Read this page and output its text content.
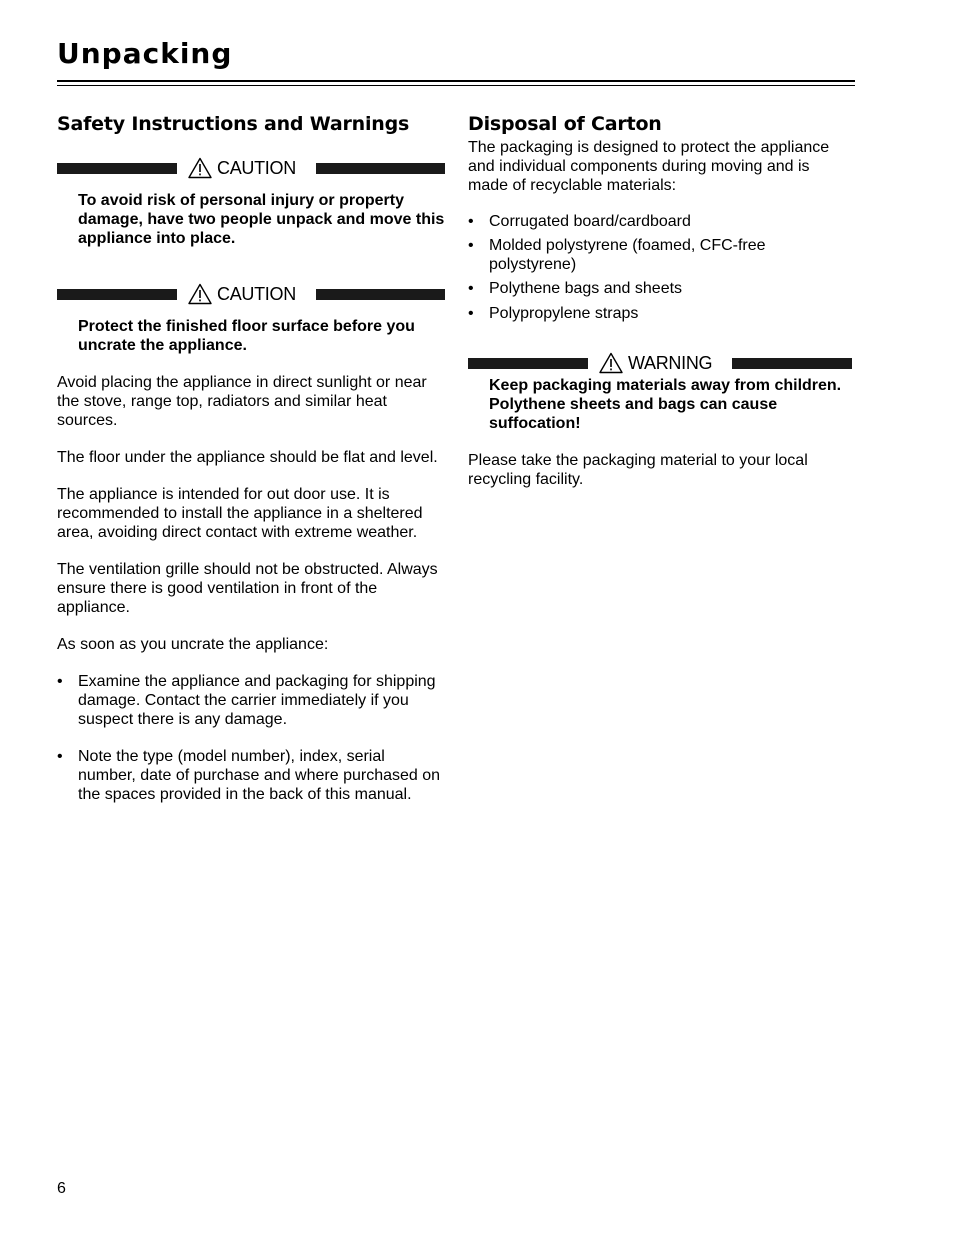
Unpacking
Safety Instructions and Warnings
CAUTION

To avoid risk of personal injury or property damage, have two people unpack and move this appliance into place.

CAUTION

Protect the finished floor surface before you uncrate the appliance.

Avoid placing the appliance in direct sunlight or near the stove, range top, radiators and similar heat sources.

The floor under the appliance should be flat and level.

The appliance is intended for out door use. It is recommended to install the appliance in a sheltered area, avoiding direct contact with extreme weather.

The ventilation grille should not be obstructed. Always ensure there is good ventilation in front of the appliance.

As soon as you uncrate the appliance:

• Examine the appliance and packaging for shipping damage. Contact the carrier immediately if you suspect there is any damage.
• Note the type (model number), index, serial number, date of purchase and where purchased on the spaces provided in the back of this manual.
Disposal of Carton

The packaging is designed to protect the appliance and individual components during moving and is made of recyclable materials:

• Corrugated board/cardboard
• Molded polystyrene (foamed, CFC-free polystyrene)
• Polythene bags and sheets
• Polypropylene straps
WARNING

Keep packaging materials away from children. Polythene sheets and bags can cause suffocation!

Please take the packaging material to your local recycling facility.

6
